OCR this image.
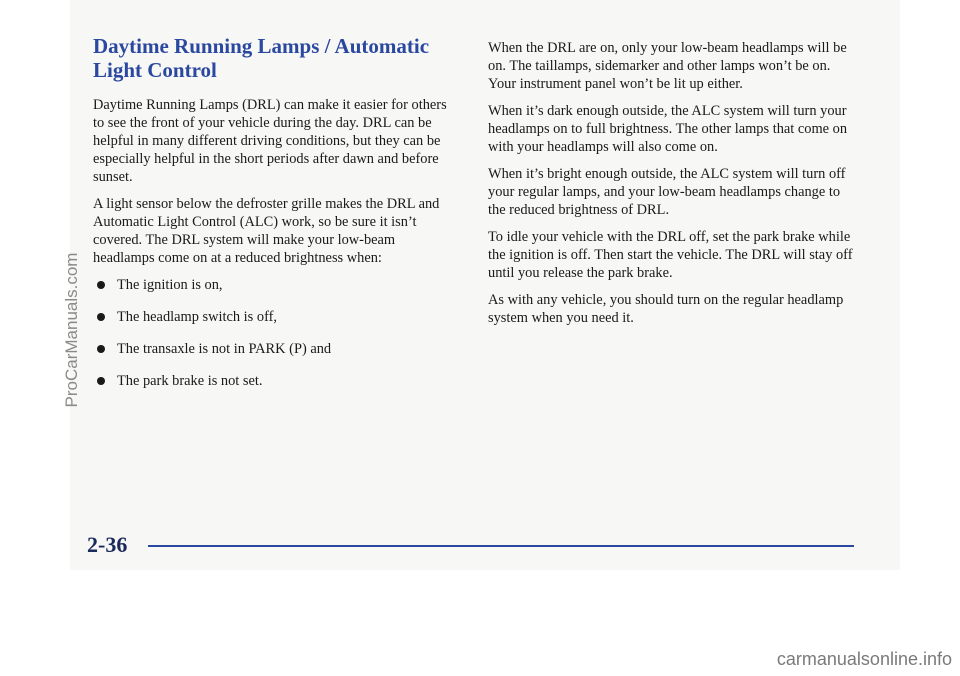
Daytime Running Lamps / Automatic Light Control

Daytime Running Lamps (DRL) can make it easier for others to see the front of your vehicle during the day. DRL can be helpful in many different driving conditions, but they can be especially helpful in the short periods after dawn and before sunset.

A light sensor below the defroster grille makes the DRL and Automatic Light Control (ALC) work, so be sure it isn’t covered. The DRL system will make your low-beam headlamps come on at a reduced brightness when:

The ignition is on,
The headlamp switch is off,
The transaxle is not in PARK (P) and
The park brake is not set.

When the DRL are on, only your low-beam headlamps will be on. The taillamps, sidemarker and other lamps won’t be on. Your instrument panel won’t be lit up either.

When it’s dark enough outside, the ALC system will turn your headlamps on to full brightness. The other lamps that come on with your headlamps will also come on.

When it’s bright enough outside, the ALC system will turn off your regular lamps, and your low-beam headlamps change to the reduced brightness of DRL.

To idle your vehicle with the DRL off, set the park brake while the ignition is off. Then start the vehicle. The DRL will stay off until you release the park brake.

As with any vehicle, you should turn on the regular headlamp system when you need it.

2-36
ProCarManuals.com
carmanualsonline.info
